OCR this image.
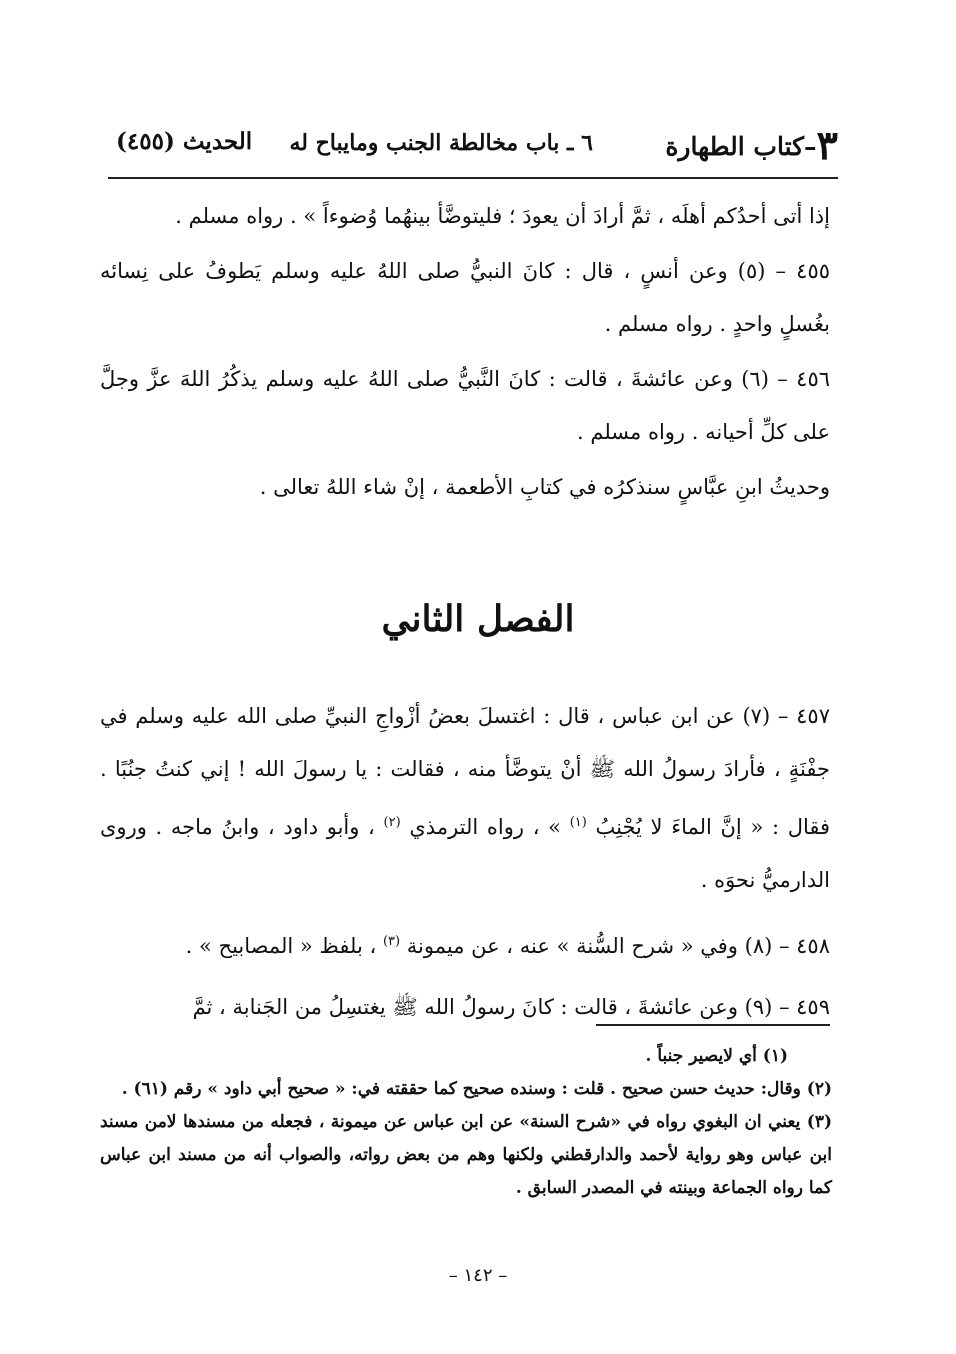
٣–كتاب الطهارة
٦ ـ باب مخالطة الجنب ومايباح له
الحديث (٤٥٥)

إذا أتى أحدُكم أهلَه ، ثمَّ أرادَ أن يعودَ ؛ فليتوضَّأ بينهُما وُضوءاً » . رواه مسلم .

٤٥٥ – (٥) وعن أنسٍ ، قال : كانَ النبيُّ صلى اللهُ عليه وسلم يَطوفُ على نِسائه بغُسلٍ واحدٍ . رواه مسلم .

٤٥٦ – (٦) وعن عائشةَ ، قالت : كانَ النَّبيُّ صلى اللهُ عليه وسلم يذكُرُ اللهَ عزَّ وجلَّ على كلِّ أحيانه . رواه مسلم .

وحديثُ ابنِ عبَّاسٍ سنذكرُه في كتابِ الأطعمة ، إنْ شاء اللهُ تعالى .

الفصل الثاني

٤٥٧ – (٧) عن ابن عباس ، قال : اغتسلَ بعضُ أزْواجِ النبيِّ صلى الله عليه وسلم في جفْنَةٍ ، فأرادَ رسولُ الله ﷺ أنْ يتوضَّأ منه ، فقالت : يا رسولَ الله ! إني كنتُ جنُبًا . فقال : « إنَّ الماءَ لا يُجْنِبُ $^{(١)}$ » ، رواه الترمذي $^{(٢)}$ ، وأبو داود ، وابنُ ماجه . وروى الدارميُّ نحوَه .

٤٥٨ – (٨) وفي « شرح السُّنة » عنه ، عن ميمونة $^{(٣)}$ ، بلفظ « المصابيح » .

٤٥٩ – (٩) وعن عائشةَ ، قالت : كانَ رسولُ الله ﷺ يغتسِلُ من الجَنابة ، ثمَّ

(١) أي لايصير جنباً .

(٢) وقال: حديث حسن صحيح . قلت : وسنده صحيح كما حققته في: « صحيح أبي داود » رقم (٦١) .

(٣) يعني ان البغوي رواه في «شرح السنة» عن ابن عباس عن ميمونة ، فجعله من مسندها لامن مسند ابن عباس وهو رواية لأحمد والدارقطني ولكنها وهم من بعض رواته، والصواب أنه من مسند ابن عباس كما رواه الجماعة وبينته في المصدر السابق .

– ١٤٢ –
